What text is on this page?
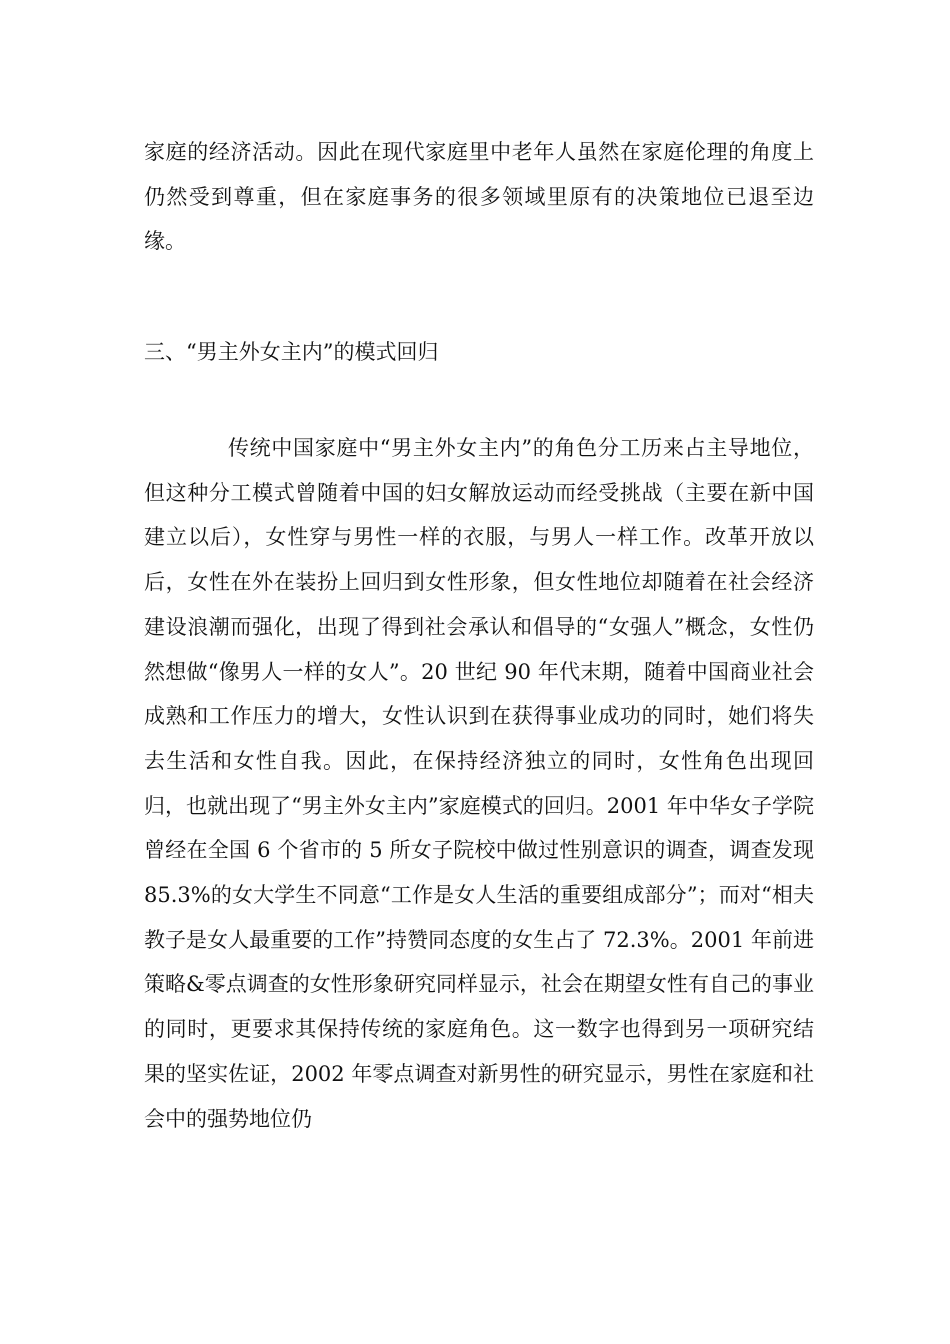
家庭的经济活动。因此在现代家庭里中老年人虽然在家庭伦理的角度上仍然受到尊重，但在家庭事务的很多领域里原有的决策地位已退至边缘。

三、“男主外女主内”的模式回归

传统中国家庭中“男主外女主内”的角色分工历来占主导地位，但这种分工模式曾随着中国的妇女解放运动而经受挑战（主要在新中国建立以后），女性穿与男性一样的衣服，与男人一样工作。改革开放以后，女性在外在装扮上回归到女性形象，但女性地位却随着在社会经济建设浪潮而强化，出现了得到社会承认和倡导的“女强人”概念，女性仍然想做“像男人一样的女人”。20 世纪 90 年代末期，随着中国商业社会成熟和工作压力的增大，女性认识到在获得事业成功的同时，她们将失去生活和女性自我。因此，在保持经济独立的同时，女性角色出现回归，也就出现了“男主外女主内”家庭模式的回归。2001 年中华女子学院曾经在全国 6 个省市的 5 所女子院校中做过性别意识的调查，调查发现 85.3%的女大学生不同意“工作是女人生活的重要组成部分”；而对“相夫教子是女人最重要的工作”持赞同态度的女生占了 72.3%。2001 年前进策略&零点调查的女性形象研究同样显示，社会在期望女性有自己的事业的同时，更要求其保持传统的家庭角色。这一数字也得到另一项研究结果的坚实佐证，2002 年零点调查对新男性的研究显示，男性在家庭和社会中的强势地位仍
